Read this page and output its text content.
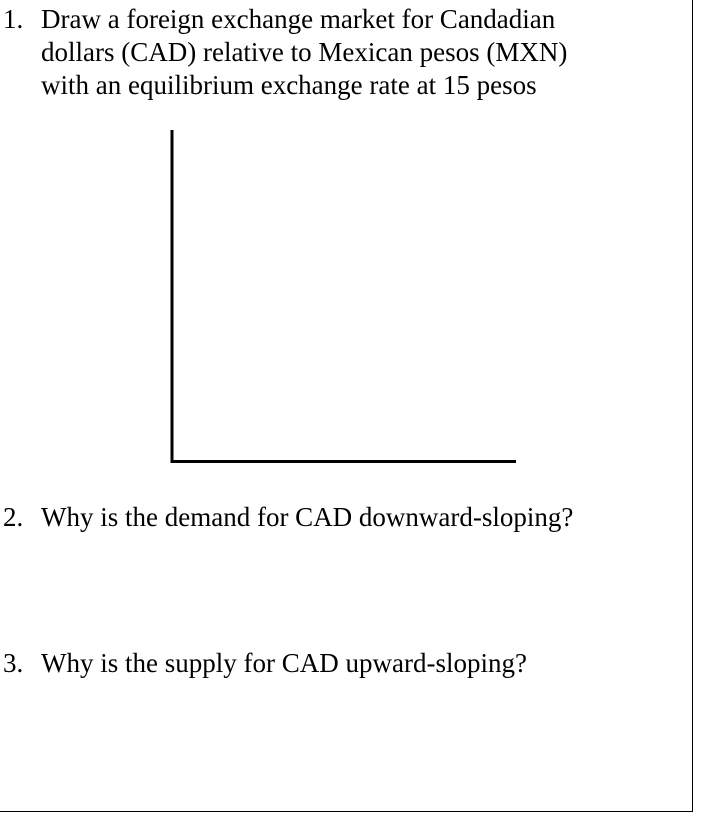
1. Draw a foreign exchange market for Candadian
dollars (CAD) relative to Mexican pesos (MXN)
with an equilibrium exchange rate at 15 pesos
2. Why is the demand for CAD downward-sloping?
3. Why is the supply for CAD upward-sloping?
